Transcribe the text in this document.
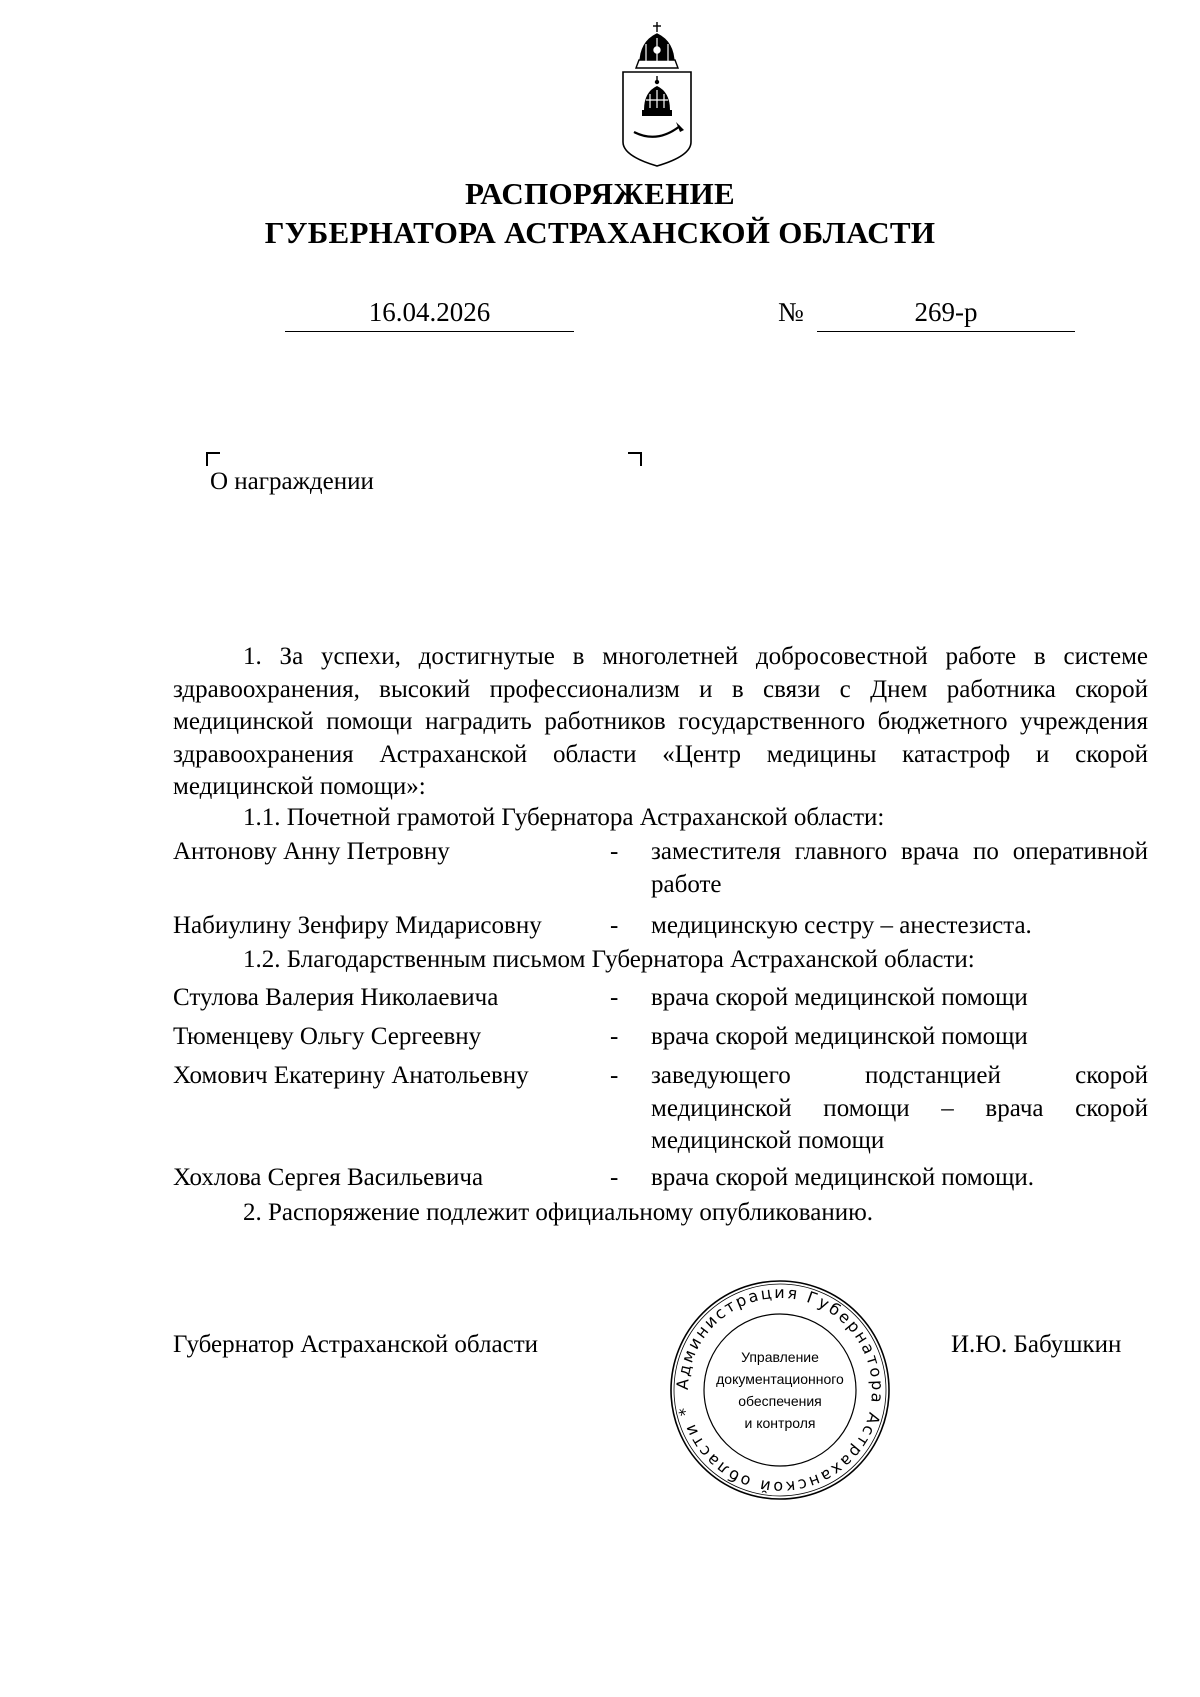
РАСПОРЯЖЕНИЕ
ГУБЕРНАТОРА АСТРАХАНСКОЙ ОБЛАСТИ
16.04.2026	№	269-р
О награждении
1. За успехи, достигнутые в многолетней добросовестной работе в системе здравоохранения, высокий профессионализм и в связи с Днем работника скорой медицинской помощи наградить работников государственного бюджетного учреждения здравоохранения Астраханской области «Центр медицины катастроф и скорой медицинской помощи»:
1.1. Почетной грамотой Губернатора Астраханской области:
Антонову Анну Петровну	-	заместителя главного врача по оперативной работе
Набиулину Зенфиру Мидарисовну	-	медицинскую сестру – анестезиста.
1.2. Благодарственным письмом Губернатора Астраханской области:
Стулова Валерия Николаевича	-	врача скорой медицинской помощи
Тюменцеву Ольгу Сергеевну	-	врача скорой медицинской помощи
Хомович Екатерину Анатольевну	-	заведующего подстанцией скорой
медицинской помощи – врача скорой
медицинской помощи
Хохлова Сергея Васильевича	-	врача скорой медицинской помощи.
2. Распоряжение подлежит официальному опубликованию.
Губернатор Астраханской области	И.Ю. Бабушкин
Администрация Губернатора Астраханской области *
Управление
документационного
обеспечения
и контроля
